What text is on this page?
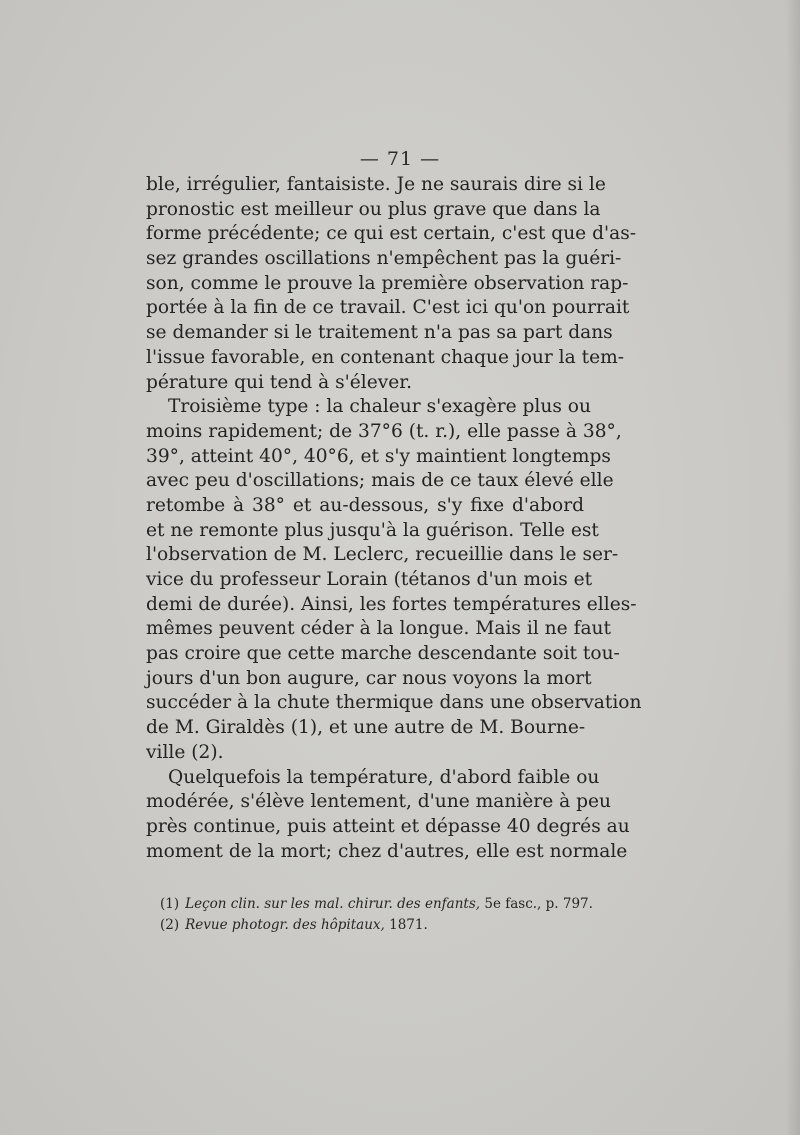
— 71 —
ble, irrégulier, fantaisiste. Je ne saurais dire si le
pronostic est meilleur ou plus grave que dans la
forme précédente; ce qui est certain, c'est que d'as-
sez grandes oscillations n'empêchent pas la guéri-
son, comme le prouve la première observation rap-
portée à la fin de ce travail. C'est ici qu'on pourrait
se demander si le traitement n'a pas sa part dans
l'issue favorable, en contenant chaque jour la tem-
pérature qui tend à s'élever.
Troisième type : la chaleur s'exagère plus ou
moins rapidement; de 37°6 (t. r.), elle passe à 38°,
39°, atteint 40°, 40°6, et s'y maintient longtemps
avec peu d'oscillations; mais de ce taux élevé elle
retombe à 38° et au-dessous, s'y fixe d'abord
et ne remonte plus jusqu'à la guérison. Telle est
l'observation de M. Leclerc, recueillie dans le ser-
vice du professeur Lorain (tétanos d'un mois et
demi de durée). Ainsi, les fortes températures elles-
mêmes peuvent céder à la longue. Mais il ne faut
pas croire que cette marche descendante soit tou-
jours d'un bon augure, car nous voyons la mort
succéder à la chute thermique dans une observation
de M. Giraldès (1), et une autre de M. Bourne-
ville (2).
Quelquefois la température, d'abord faible ou
modérée, s'élève lentement, d'une manière à peu
près continue, puis atteint et dépasse 40 degrés au
moment de la mort; chez d'autres, elle est normale
(1) Leçon clin. sur les mal. chirur. des enfants, 5e fasc., p. 797.
(2) Revue photogr. des hôpitaux, 1871.
